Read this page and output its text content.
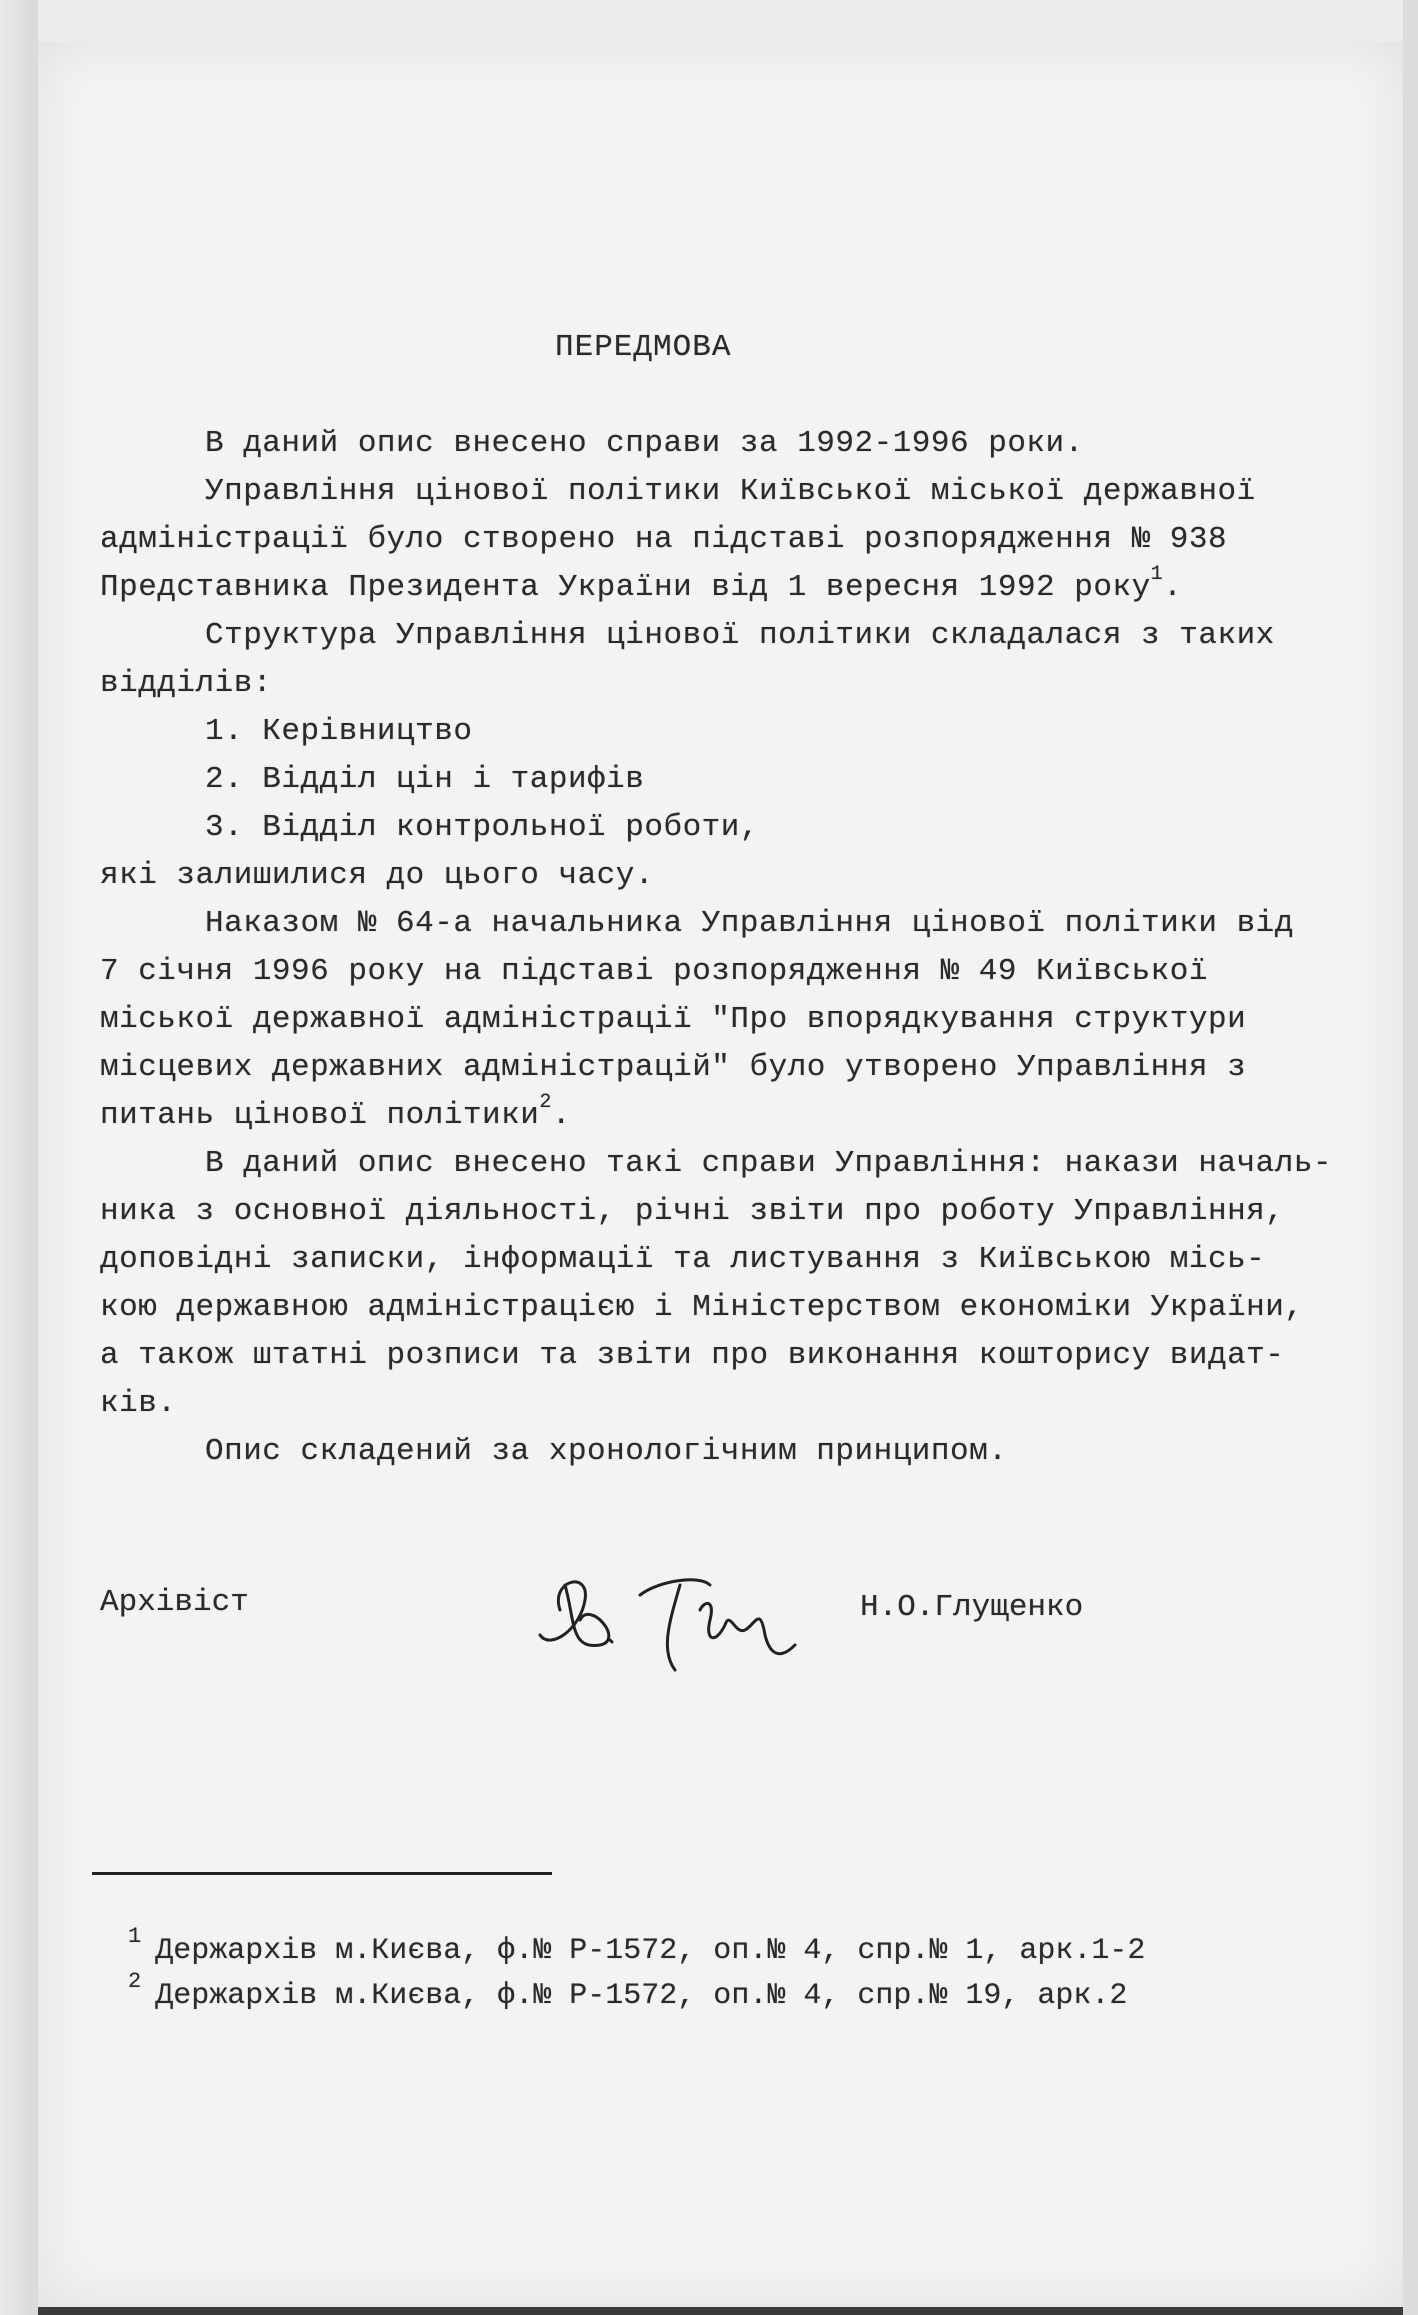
ПЕРЕДМОВА
В даний опис внесено справи за 1992-1996 роки.
Управління цінової політики Київської міської державної
адміністрації було створено на підставі розпорядження № 938
Представника Президента України від 1 вересня 1992 року$^1$.
Структура Управління цінової політики складалася з таких
відділів:
1. Керівництво
2. Відділ цін і тарифів
3. Відділ контрольної роботи,
які залишилися до цього часу.
Наказом № 64-а начальника Управління цінової політики від
7 січня 1996 року на підставі розпорядження № 49 Київської
міської державної адміністрації "Про впорядкування структури
місцевих державних адміністрацій" було утворено Управління з
питань цінової політики$^2$.
В даний опис внесено такі справи Управління: накази началь-
ника з основної діяльності, річні звіти про роботу Управління,
доповідні записки, інформації та листування з Київською місь-
кою державною адміністрацією і Міністерством економіки України,
а також штатні розписи та звіти про виконання кошторису видат-
ків.
Опис складений за хронологічним принципом.
Архівіст	Н.О.Глущенко

$^1$ Держархів м.Києва, ф.№ Р-1572, оп.№ 4, спр.№ 1, арк.1-2

$^2$ Держархів м.Києва, ф.№ Р-1572, оп.№ 4, спр.№ 19, арк.2
